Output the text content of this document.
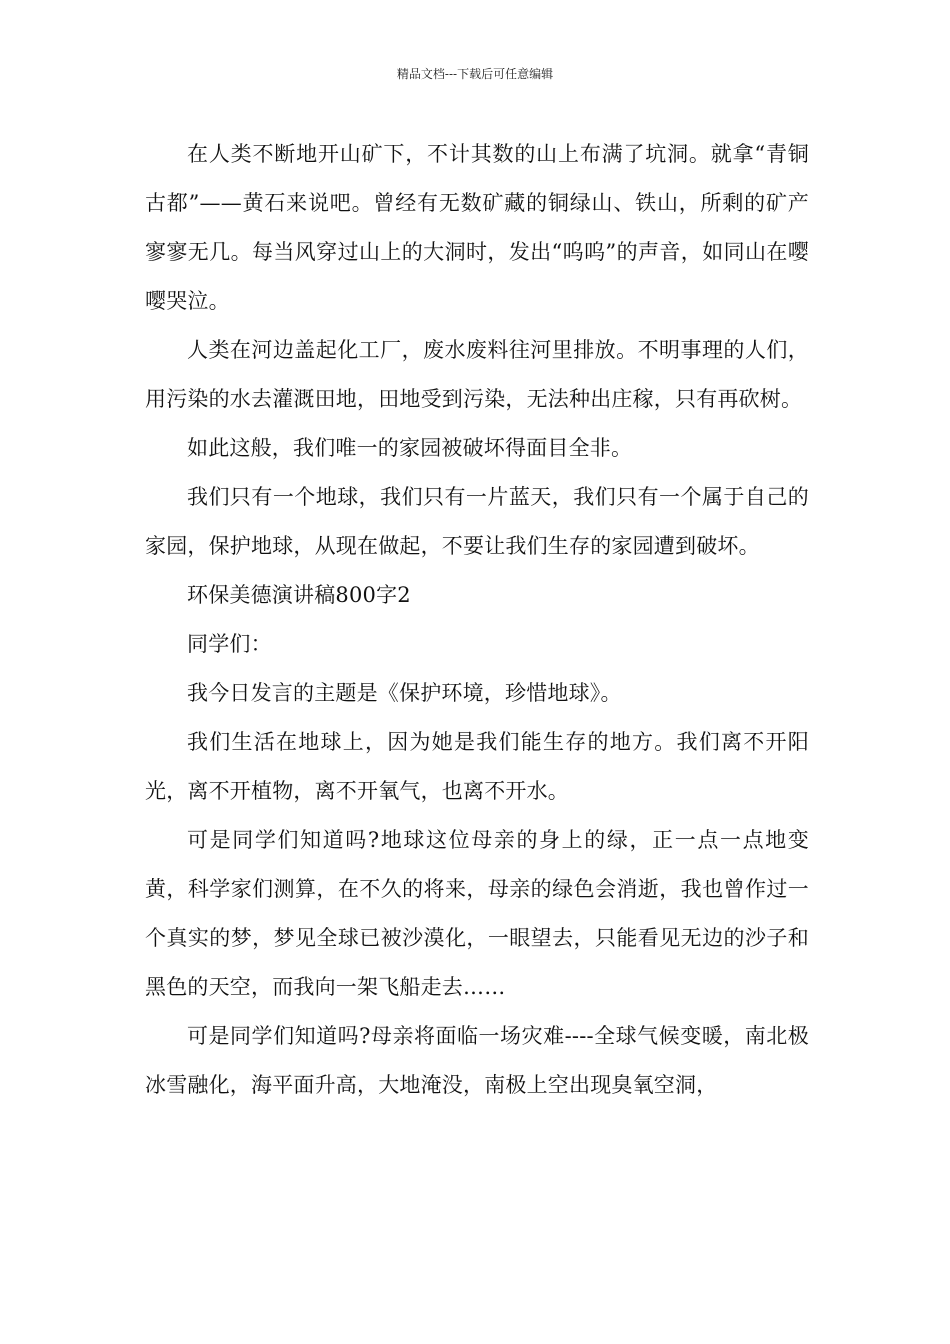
精品文档---下载后可任意编辑

在人类不断地开山矿下，不计其数的山上布满了坑洞。就拿“青铜古都”——黄石来说吧。曾经有无数矿藏的铜绿山、铁山，所剩的矿产寥寥无几。每当风穿过山上的大洞时，发出“呜呜”的声音，如同山在嘤嘤哭泣。

人类在河边盖起化工厂，废水废料往河里排放。不明事理的人们，用污染的水去灌溉田地，田地受到污染，无法种出庄稼，只有再砍树。

如此这般，我们唯一的家园被破坏得面目全非。

我们只有一个地球，我们只有一片蓝天，我们只有一个属于自己的家园，保护地球，从现在做起，不要让我们生存的家园遭到破坏。

环保美德演讲稿800字2

同学们：

我今日发言的主题是《保护环境，珍惜地球》。

我们生活在地球上，因为她是我们能生存的地方。我们离不开阳光，离不开植物，离不开氧气，也离不开水。

可是同学们知道吗?地球这位母亲的身上的绿，正一点一点地变黄，科学家们测算，在不久的将来，母亲的绿色会消逝，我也曾作过一个真实的梦，梦见全球已被沙漠化，一眼望去，只能看见无边的沙子和黑色的天空，而我向一架飞船走去……

可是同学们知道吗?母亲将面临一场灾难----全球气候变暖，南北极冰雪融化，海平面升高，大地淹没，南极上空出现臭氧空洞，
